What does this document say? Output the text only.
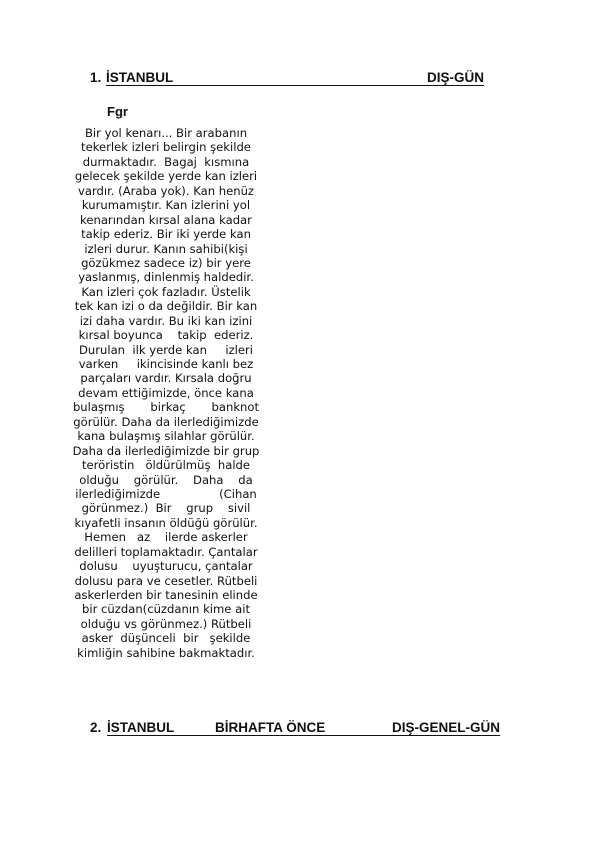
1. İSTANBUL	DIŞ-GÜN
Fgr
Bir yol kenarı... Bir arabanın
tekerlek izleri belirgin şekilde
durmaktadır.  Bagaj  kısmına
gelecek şekilde yerde kan izleri
vardır. (Araba yok). Kan henüz
kurumamıştır. Kan izlerini yol
kenarından kırsal alana kadar
takip ederiz. Bir iki yerde kan
izleri durur. Kanın sahibi(kişi
gözükmez sadece iz) bir yere
yaslanmış, dinlenmiş haldedir.
Kan izleri çok fazladır. Üstelik
tek kan izi o da değildir. Bir kan
izi daha vardır. Bu iki kan izini
kırsal boyunca    takip  ederiz.
Durulan  ilk yerde kan     izleri
varken     ikincisinde kanlı bez
parçaları vardır. Kırsala doğru
devam ettiğimizde, önce kana
bulaşmış       birkaç       banknot
görülür. Daha da ilerlediğimizde
kana bulaşmış silahlar görülür.
Daha da ilerlediğimizde bir grup
teröristin   öldürülmüş  halde
olduğu    görülür.    Daha    da
ilerlediğimizde                (Cihan
görünmez.)  Bir    grup    sivil
kıyafetli insanın öldüğü görülür.
Hemen   az    ilerde askerler
delilleri toplamaktadır. Çantalar
dolusu    uyuşturucu, çantalar
dolusu para ve cesetler. Rütbeli
askerlerden bir tanesinin elinde
bir cüzdan(cüzdanın kime ait
olduğu vs görünmez.) Rütbeli
asker  düşünceli  bir   şekilde
kimliğin sahibine bakmaktadır.
2. İSTANBUL	BİRHAFTA ÖNCE	DIŞ-GENEL-GÜN
